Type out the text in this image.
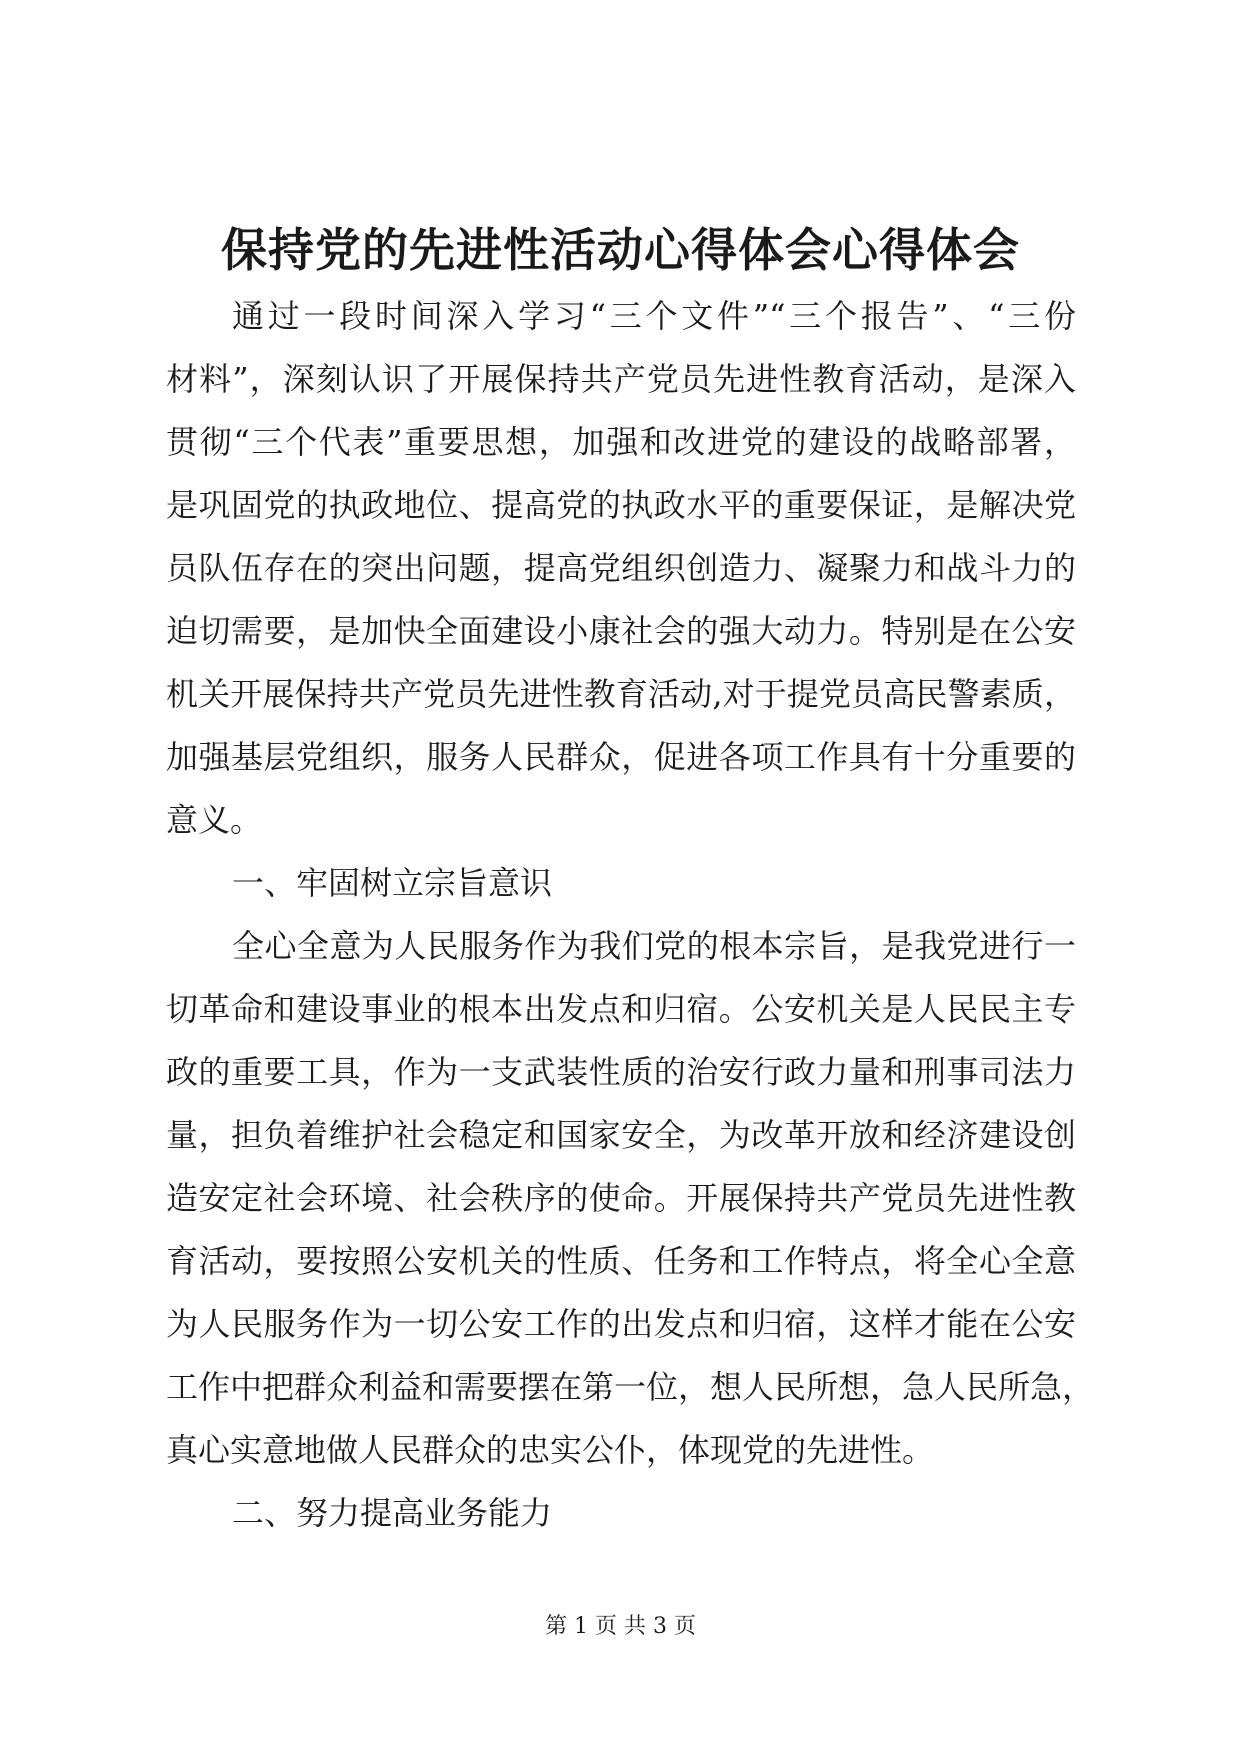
保持党的先进性活动心得体会心得体会
通过一段时间深入学习“三个文件”“三个报告”、“三份
材料”，深刻认识了开展保持共产党员先进性教育活动，是深入
贯彻“三个代表”重要思想，加强和改进党的建设的战略部署，
是巩固党的执政地位、提高党的执政水平的重要保证，是解决党
员队伍存在的突出问题，提高党组织创造力、凝聚力和战斗力的
迫切需要，是加快全面建设小康社会的强大动力。特别是在公安
机关开展保持共产党员先进性教育活动,对于提党员高民警素质，
加强基层党组织，服务人民群众，促进各项工作具有十分重要的
意义。
一、牢固树立宗旨意识
全心全意为人民服务作为我们党的根本宗旨，是我党进行一
切革命和建设事业的根本出发点和归宿。公安机关是人民民主专
政的重要工具，作为一支武装性质的治安行政力量和刑事司法力
量，担负着维护社会稳定和国家安全，为改革开放和经济建设创
造安定社会环境、社会秩序的使命。开展保持共产党员先进性教
育活动，要按照公安机关的性质、任务和工作特点，将全心全意
为人民服务作为一切公安工作的出发点和归宿，这样才能在公安
工作中把群众利益和需要摆在第一位，想人民所想，急人民所急，
真心实意地做人民群众的忠实公仆，体现党的先进性。
二、努力提高业务能力
第 1 页 共 3 页
